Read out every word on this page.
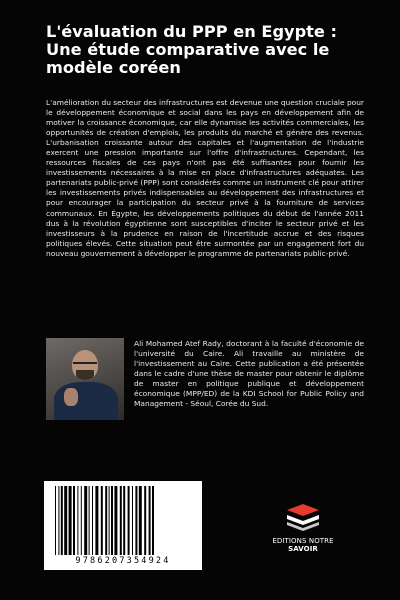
L'évaluation du PPP en Egypte : Une étude comparative avec le modèle coréen

L'amélioration du secteur des infrastructures est devenue une question cruciale pour le développement économique et social dans les pays en développement afin de motiver la croissance économique, car elle dynamise les activités commerciales, les opportunités de création d'emplois, les produits du marché et génère des revenus. L'urbanisation croissante autour des capitales et l'augmentation de l'industrie exercent une pression importante sur l'offre d'infrastructures. Cependant, les ressources fiscales de ces pays n'ont pas été suffisantes pour fournir les investissements nécessaires à la mise en place d'infrastructures adéquates. Les partenariats public-privé (PPP) sont considérés comme un instrument clé pour attirer les investissements privés indispensables au développement des infrastructures et pour encourager la participation du secteur privé à la fourniture de services communaux. En Égypte, les développements politiques du début de l'année 2011 dus à la révolution égyptienne sont susceptibles d'inciter le secteur privé et les investisseurs à la prudence en raison de l'incertitude accrue et des risques politiques élevés. Cette situation peut être surmontée par un engagement fort du nouveau gouvernement à développer le programme de partenariats public-privé.

Ali Mohamed Atef Rady, doctorant à la faculté d'économie de l'université du Caire. Ali travaille au ministère de l'investissement au Caire. Cette publication a été présentée dans le cadre d'une thèse de master pour obtenir le diplôme de master en politique publique et développement économique (MPP/ED) de la KDI School for Public Policy and Management - Séoul, Corée du Sud.

9786207354924
EDITIONS NOTRE SAVOIR
